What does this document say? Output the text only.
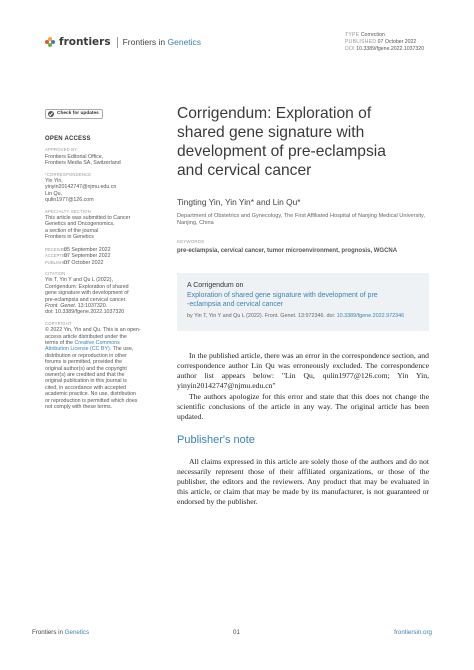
frontiers Frontiers in Genetics
TYPE Correction
PUBLISHED 07 October 2022
DOI 10.3389/fgene.2022.1037320
Check for updates
OPEN ACCESS
APPROVED BY
Frontiers Editorial Office,
Frontiers Media SA, Switzerland
*CORRESPONDENCE
Yin Yin,
yinyin20142747@njmu.edu.cn
Lin Qu,
qulin1977@126.com
SPECIALTY SECTION
This article was submitted to Cancer
Genetics and Oncogenomics,
a section of the journal
Frontiers in Genetics
RECEIVED
05 September 2022
ACCEPTED
07 September 2022
PUBLISHED
07 October 2022
CITATION
Yin T, Yin Y and Qu L (2022),
Corrigendum: Exploration of shared
gene signature with development of
pre-eclampsia and cervical cancer.
Front. Genet. 13:1037320.
doi: 10.3389/fgene.2022.1037320
COPYRIGHT
© 2022 Yin, Yin and Qu. This is an open-
access article distributed under the
terms of the Creative Commons
Attribution License (CC BY). The use,
distribution or reproduction in other
forums is permitted, provided the
original author(s) and the copyright
owner(s) are credited and that the
original publication in this journal is
cited, in accordance with accepted
academic practice. No use, distribution
or reproduction is permitted which does
not comply with these terms.
Corrigendum: Exploration of
shared gene signature with
development of pre-eclampsia
and cervical cancer
Tingting Yin, Yin Yin* and Lin Qu*
Department of Obstetrics and Gynecology, The First Affiliated Hospital of Nanjing Medical University,
Nanjing, China
KEYWORDS
pre-eclampsia, cervical cancer, tumor microenvironment, prognosis, WGCNA
A Corrigendum on
Exploration of shared gene signature with development of pre
-eclampsia and cervical cancer
by Yin T, Yin Y and Qu L (2022). Front. Genet. 13:972346. doi: 10.3389/fgene.2022.972346

In the published article, there was an error in the correspondence section, and correspondence author Lin Qu was erroneously excluded. The correspondence author list appears below: "Lin Qu, qulin1977@126.com; Yin Yin, yinyin20142747@njmu.edu.cn"

The authors apologize for this error and state that this does not change the scientific conclusions of the article in any way. The original article has been updated.

Publisher's note
All claims expressed in this article are solely those of the authors and do not necessarily represent those of their affiliated organizations, or those of the publisher, the editors and the reviewers. Any product that may be evaluated in this article, or claim that may be made by its manufacturer, is not guaranteed or endorsed by the publisher.
Frontiers in Genetics	01	frontiersin.org
